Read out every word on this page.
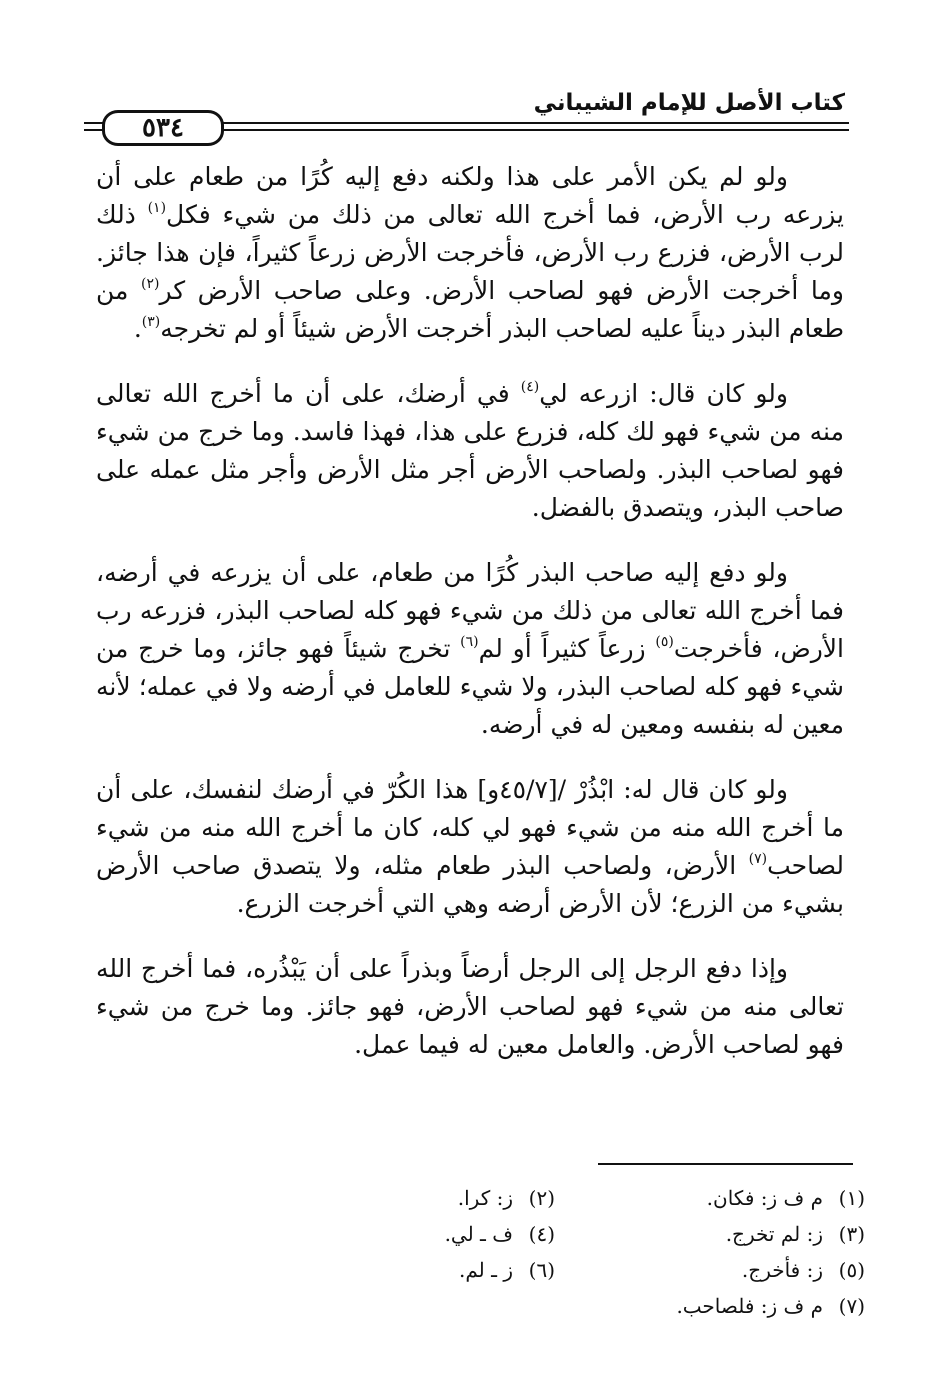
٥٣٤
كتاب الأصل للإمام الشيباني

ولو لم يكن الأمر على هذا ولكنه دفع إليه كُرًا من طعام على أن يزرعه رب الأرض، فما أخرج الله تعالى من ذلك من شيء فكل$^{(١)}$ ذلك لرب الأرض، فزرع رب الأرض، فأخرجت الأرض زرعاً كثيراً، فإن هذا جائز. وما أخرجت الأرض فهو لصاحب الأرض. وعلى صاحب الأرض كر$^{(٢)}$ من طعام البذر ديناً عليه لصاحب البذر أخرجت الأرض شيئاً أو لم تخرجه$^{(٣)}$.

ولو كان قال: ازرعه لي$^{(٤)}$ في أرضك، على أن ما أخرج الله تعالى منه من شيء فهو لك كله، فزرع على هذا، فهذا فاسد. وما خرج من شيء فهو لصاحب البذر. ولصاحب الأرض أجر مثل الأرض وأجر مثل عمله على صاحب البذر، ويتصدق بالفضل.

ولو دفع إليه صاحب البذر كُرًا من طعام، على أن يزرعه في أرضه، فما أخرج الله تعالى من ذلك من شيء فهو كله لصاحب البذر، فزرعه رب الأرض، فأخرجت$^{(٥)}$ زرعاً كثيراً أو لم$^{(٦)}$ تخرج شيئاً فهو جائز، وما خرج من شيء فهو كله لصاحب البذر، ولا شيء للعامل في أرضه ولا في عمله؛ لأنه معين له بنفسه ومعين له في أرضه.

ولو كان قال له: ابْذُرْ /[٤٥/٧و] هذا الكُرّ في أرضك لنفسك، على أن ما أخرج الله منه من شيء فهو لي كله، كان ما أخرج الله منه من شيء لصاحب$^{(٧)}$ الأرض، ولصاحب البذر طعام مثله، ولا يتصدق صاحب الأرض بشيء من الزرع؛ لأن الأرض أرضه وهي التي أخرجت الزرع.

وإذا دفع الرجل إلى الرجل أرضاً وبذراً على أن يَبْذُره، فما أخرج الله تعالى منه من شيء فهو لصاحب الأرض، فهو جائز. وما خرج من شيء فهو لصاحب الأرض. والعامل معين له فيما عمل.

(١)م ف ز: فكان.
(٢)ز: كرا.
(٣)ز: لم تخرج.
(٤)ف ـ لي.
(٥)ز: فأخرج.
(٦)ز ـ لم.
(٧)م ف ز: فلصاحب.
